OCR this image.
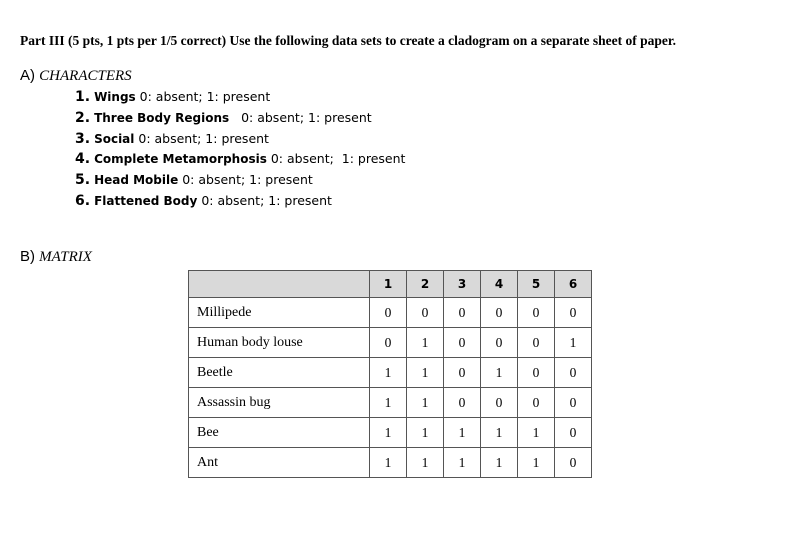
Part III (5 pts, 1 pts per 1/5 correct) Use the following data sets to create a cladogram on a separate sheet of paper.
A) CHARACTERS
1. Wings 0: absent; 1: present
2. Three Body Regions   0: absent; 1: present
3. Social 0: absent; 1: present
4. Complete Metamorphosis 0: absent;  1: present
5. Head Mobile 0: absent; 1: present
6. Flattened Body 0: absent; 1: present
B) MATRIX
	1	2	3	4	5	6
Millipede	0	0	0	0	0	0
Human body louse	0	1	0	0	0	1
Beetle	1	1	0	1	0	0
Assassin bug	1	1	0	0	0	0
Bee	1	1	1	1	1	0
Ant	1	1	1	1	1	0
